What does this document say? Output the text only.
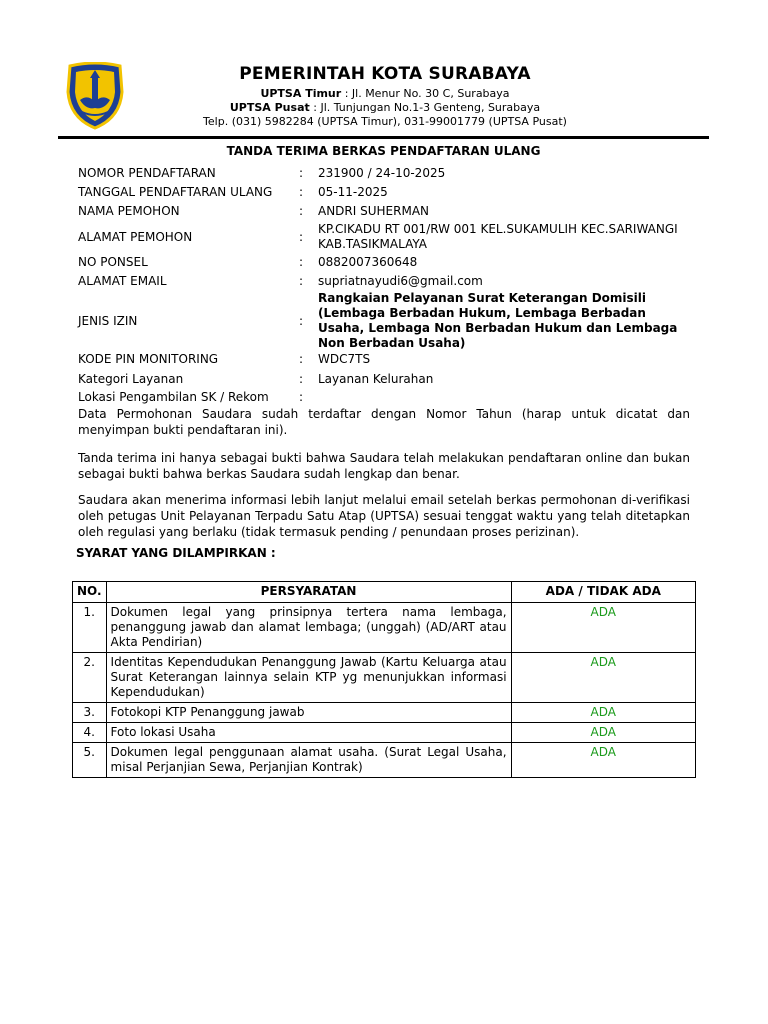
PEMERINTAH KOTA SURABAYA
UPTSA Timur : Jl. Menur No. 30 C, Surabaya
UPTSA Pusat : Jl. Tunjungan No.1-3 Genteng, Surabaya
Telp. (031) 5982284 (UPTSA Timur), 031-99001779 (UPTSA Pusat)
TANDA TERIMA BERKAS PENDAFTARAN ULANG
NOMOR PENDAFTARAN	: 231900 / 24-10-2025
TANGGAL PENDAFTARAN ULANG : 05-11-2025
NAMA PEMOHON	: ANDRI SUHERMAN
ALAMAT PEMOHON	:
KP.CIKADU RT 001/RW 001 KEL.SUKAMULIH KEC.SARIWANGI KAB.TASIKMALAYA
NO PONSEL	: 0882007360648
ALAMAT EMAIL	: supriatnayudi6@gmail.com
JENIS IZIN	:
Rangkaian Pelayanan Surat Keterangan Domisili (Lembaga Berbadan Hukum, Lembaga Berbadan Usaha, Lembaga Non Berbadan Hukum dan Lembaga Non Berbadan Usaha)
KODE PIN MONITORING	: WDC7TS
Kategori Layanan	: Layanan Kelurahan
Lokasi Pengambilan SK / Rekom	:
Data Permohonan Saudara sudah terdaftar dengan Nomor Tahun (harap untuk dicatat dan menyimpan bukti pendaftaran ini).
Tanda terima ini hanya sebagai bukti bahwa Saudara telah melakukan pendaftaran online dan bukan sebagai bukti bahwa berkas Saudara sudah lengkap dan benar.
Saudara akan menerima informasi lebih lanjut melalui email setelah berkas permohonan di-verifikasi oleh petugas Unit Pelayanan Terpadu Satu Atap (UPTSA) sesuai tenggat waktu yang telah ditetapkan oleh regulasi yang berlaku (tidak termasuk pending / penundaan proses perizinan).
SYARAT YANG DILAMPIRKAN :
NO.	PERSYARATAN	ADA / TIDAK ADA
1.	Dokumen legal yang prinsipnya tertera nama lembaga, penanggung jawab dan alamat lembaga; (unggah) (AD/ART atau Akta Pendirian)	ADA
2.	Identitas Kependudukan Penanggung Jawab (Kartu Keluarga atau Surat Keterangan lainnya selain KTP yg menunjukkan informasi Kependudukan)	ADA
3.	Fotokopi KTP Penanggung jawab	ADA
4.	Foto lokasi Usaha	ADA
5.	Dokumen legal penggunaan alamat usaha. (Surat Legal Usaha, misal Perjanjian Sewa, Perjanjian Kontrak)	ADA
